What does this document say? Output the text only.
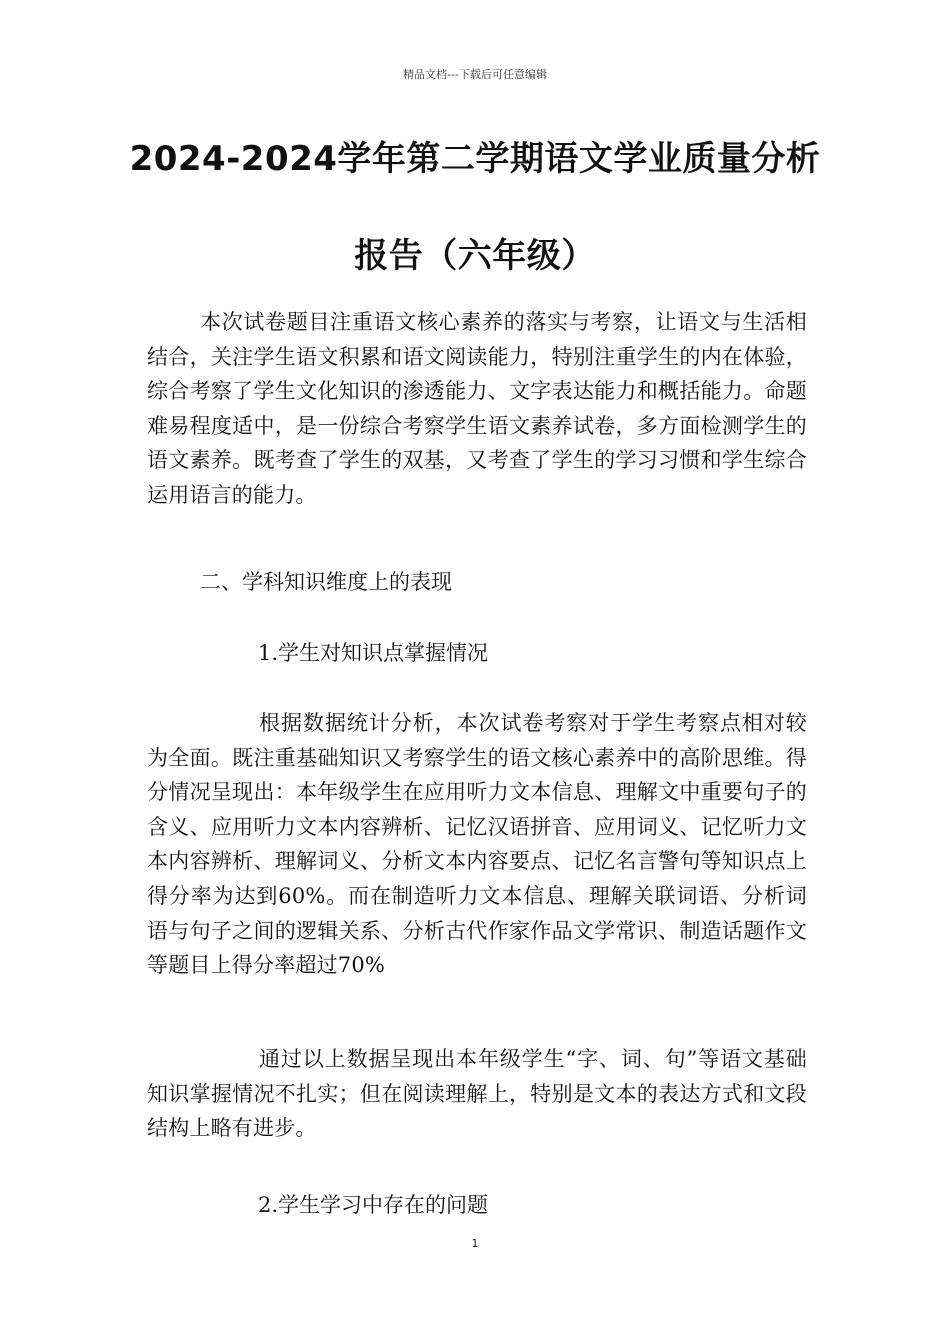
精品文档---下载后可任意编辑
2024-2024学年第二学期语文学业质量分析
报告（六年级）

本次试卷题目注重语文核心素养的落实与考察，让语文与生活相结合，关注学生语文积累和语文阅读能力，特别注重学生的内在体验，综合考察了学生文化知识的渗透能力、文字表达能力和概括能力。命题难易程度适中，是一份综合考察学生语文素养试卷，多方面检测学生的语文素养。既考查了学生的双基，又考查了学生的学习习惯和学生综合运用语言的能力。

二、学科知识维度上的表现
1.学生对知识点掌握情况

根据数据统计分析，本次试卷考察对于学生考察点相对较为全面。既注重基础知识又考察学生的语文核心素养中的高阶思维。得分情况呈现出：本年级学生在应用听力文本信息、理解文中重要句子的含义、应用听力文本内容辨析、记忆汉语拼音、应用词义、记忆听力文本内容辨析、理解词义、分析文本内容要点、记忆名言警句等知识点上得分率为达到60%。而在制造听力文本信息、理解关联词语、分析词语与句子之间的逻辑关系、分析古代作家作品文学常识、制造话题作文等题目上得分率超过70%

通过以上数据呈现出本年级学生“字、词、句”等语文基础知识掌握情况不扎实；但在阅读理解上，特别是文本的表达方式和文段结构上略有进步。

2.学生学习中存在的问题
1
